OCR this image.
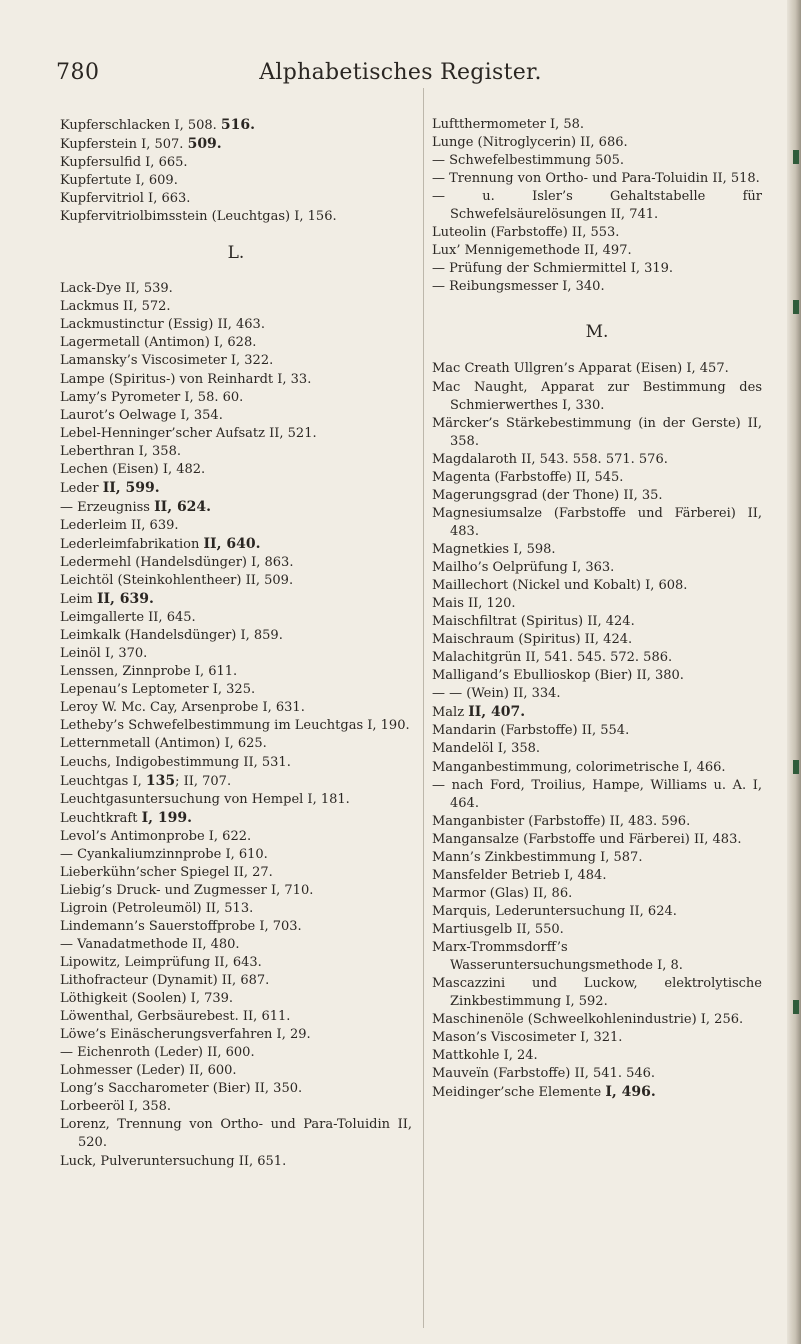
780	Alphabetisches Register.
Kupferschlacken I, 508. 516.
Kupferstein I, 507. 509.
Kupfersulfid I, 665.
Kupfertute I, 609.
Kupfervitriol I, 663.
Kupfervitriolbimsstein (Leuchtgas) I, 156.
L.
Lack-Dye II, 539.
Lackmus II, 572.
Lackmustinctur (Essig) II, 463.
Lagermetall (Antimon) I, 628.
Lamansky’s Viscosimeter I, 322.
Lampe (Spiritus-) von Reinhardt I, 33.
Lamy’s Pyrometer I, 58. 60.
Laurot’s Oelwage I, 354.
Lebel-Henninger’scher Aufsatz II, 521.
Leberthran I, 358.
Lechen (Eisen) I, 482.
Leder II, 599.
— Erzeugniss II, 624.
Lederleim II, 639.
Lederleimfabrikation II, 640.
Ledermehl (Handelsdünger) I, 863.
Leichtöl (Steinkohlentheer) II, 509.
Leim II, 639.
Leimgallerte II, 645.
Leimkalk (Handelsdünger) I, 859.
Leinöl I, 370.
Lenssen, Zinnprobe I, 611.
Lepenau’s Leptometer I, 325.
Leroy W. Mc. Cay, Arsenprobe I, 631.
Letheby’s Schwefelbestimmung im Leuchtgas I, 190.
Letternmetall (Antimon) I, 625.
Leuchs, Indigobestimmung II, 531.
Leuchtgas I, 135; II, 707.
Leuchtgasuntersuchung von Hempel I, 181.
Leuchtkraft I, 199.
Levol’s Antimonprobe I, 622.
— Cyankaliumzinnprobe I, 610.
Lieberkühn’scher Spiegel II, 27.
Liebig’s Druck- und Zugmesser I, 710.
Ligroin (Petroleumöl) II, 513.
Lindemann’s Sauerstoffprobe I, 703.
— Vanadatmethode II, 480.
Lipowitz, Leimprüfung II, 643.
Lithofracteur (Dynamit) II, 687.
Löthigkeit (Soolen) I, 739.
Löwenthal, Gerbsäurebest. II, 611.
Löwe’s Einäscherungsverfahren I, 29.
— Eichenroth (Leder) II, 600.
Lohmesser (Leder) II, 600.
Long’s Saccharometer (Bier) II, 350.
Lorbeeröl I, 358.
Lorenz, Trennung von Ortho- und Para-Toluidin II, 520.
Luck, Pulveruntersuchung II, 651.
Luftthermometer I, 58.
Lunge (Nitroglycerin) II, 686.
— Schwefelbestimmung 505.
— Trennung von Ortho- und Para-Toluidin II, 518.
— u. Isler’s Gehaltstabelle für Schwefelsäurelösungen II, 741.
Luteolin (Farbstoffe) II, 553.
Lux’ Mennigemethode II, 497.
— Prüfung der Schmiermittel I, 319.
— Reibungsmesser I, 340.
M.
Mac Creath Ullgren’s Apparat (Eisen) I, 457.
Mac Naught, Apparat zur Bestimmung des Schmierwerthes I, 330.
Märcker’s Stärkebestimmung (in der Gerste) II, 358.
Magdalaroth II, 543. 558. 571. 576.
Magenta (Farbstoffe) II, 545.
Magerungsgrad (der Thone) II, 35.
Magnesiumsalze (Farbstoffe und Färberei) II, 483.
Magnetkies I, 598.
Mailho’s Oelprüfung I, 363.
Maillechort (Nickel und Kobalt) I, 608.
Mais II, 120.
Maischfiltrat (Spiritus) II, 424.
Maischraum (Spiritus) II, 424.
Malachitgrün II, 541. 545. 572. 586.
Malligand’s Ebullioskop (Bier) II, 380.
— — (Wein) II, 334.
Malz II, 407.
Mandarin (Farbstoffe) II, 554.
Mandelöl I, 358.
Manganbestimmung, colorimetrische I, 466.
— nach Ford, Troilius, Hampe, Williams u. A. I, 464.
Manganbister (Farbstoffe) II, 483. 596.
Mangansalze (Farbstoffe und Färberei) II, 483.
Mann’s Zinkbestimmung I, 587.
Mansfelder Betrieb I, 484.
Marmor (Glas) II, 86.
Marquis, Lederuntersuchung II, 624.
Martiusgelb II, 550.
Marx-Trommsdorff’s Wasseruntersuchungsmethode I, 8.
Mascazzini und Luckow, elektrolytische Zinkbestimmung I, 592.
Maschinenöle (Schweelkohlenindustrie) I, 256.
Mason’s Viscosimeter I, 321.
Mattkohle I, 24.
Mauveïn (Farbstoffe) II, 541. 546.
Meidinger’sche Elemente I, 496.
